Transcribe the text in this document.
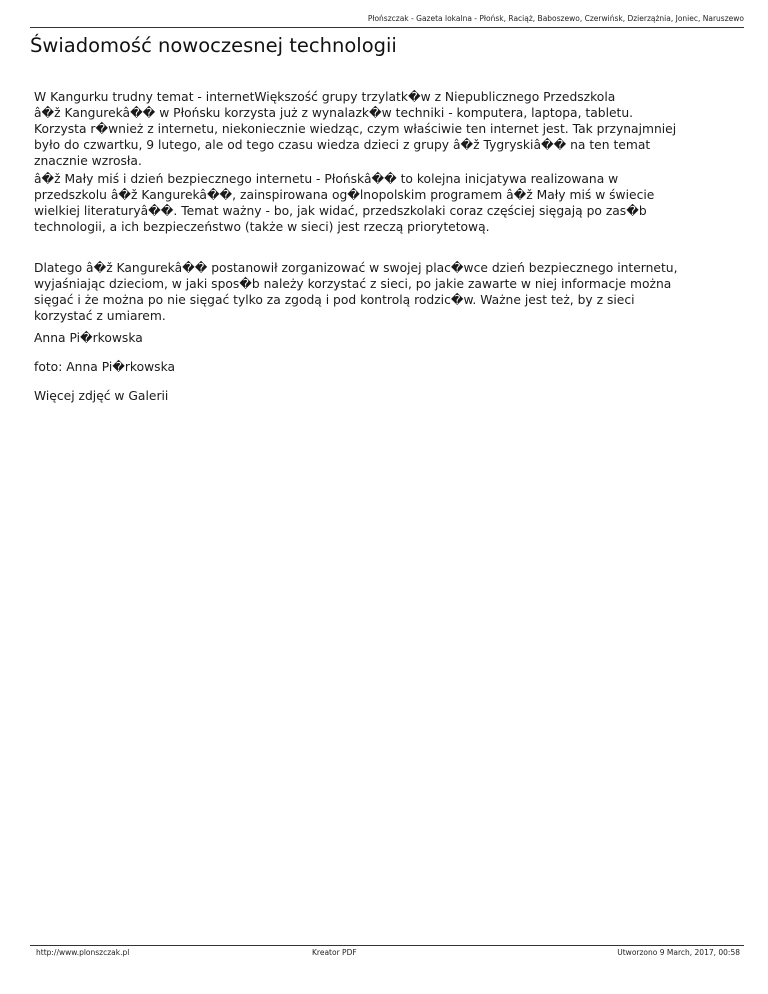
Płońszczak - Gazeta lokalna - Płońsk, Raciąż, Baboszewo, Czerwińsk, Dzierzążnia, Joniec, Naruszewo
Świadomość nowoczesnej technologii

W Kangurku trudny temat - internetWiększość grupy trzylatk�w z Niepublicznego Przedszkola
â�ž Kangurekâ�� w Płońsku korzysta już z wynalazk�w techniki - komputera, laptopa, tabletu.
Korzysta r�wnież z internetu, niekoniecznie wiedząc, czym właściwie ten internet jest. Tak przynajmniej
było do czwartku, 9 lutego, ale od tego czasu wiedza dzieci z grupy â�ž Tygryskiâ�� na ten temat
znacznie wzrosła.

â�ž Mały miś i dzień bezpiecznego internetu - Płońskâ�� to kolejna inicjatywa realizowana w
przedszkolu â�ž Kangurekâ��, zainspirowana og�lnopolskim programem â�ž Mały miś w świecie
wielkiej literaturyâ��. Temat ważny - bo, jak widać, przedszkolaki coraz częściej sięgają po zas�b
technologii, a ich bezpieczeństwo (także w sieci) jest rzeczą priorytetową.

Dlatego â�ž Kangurekâ�� postanowił zorganizować w swojej plac�wce dzień bezpiecznego internetu,
wyjaśniając dzieciom, w jaki spos�b należy korzystać z sieci, po jakie zawarte w niej informacje można
sięgać i że można po nie sięgać tylko za zgodą i pod kontrolą rodzic�w. Ważne jest też, by z sieci
korzystać z umiarem.

Anna Pi�rkowska

foto: Anna Pi�rkowska

Więcej zdjęć w Galerii

http://www.plonszczak.pl	Kreator PDF	Utworzono 9 March, 2017, 00:58
